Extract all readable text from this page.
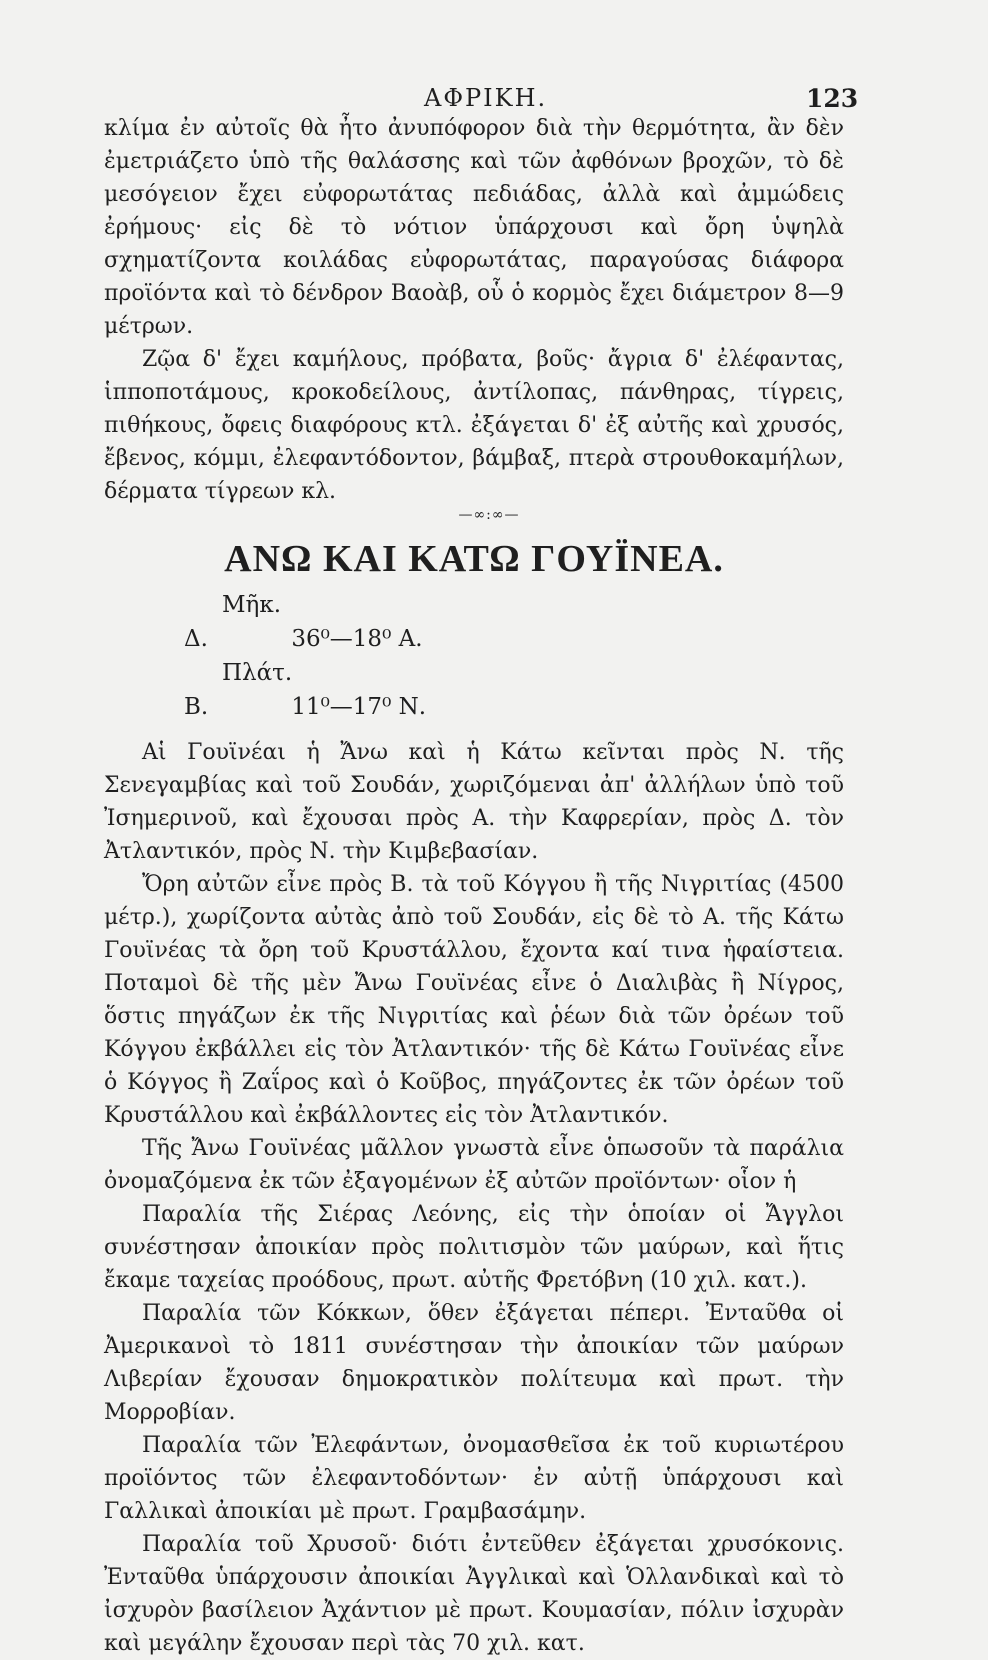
ΑΦΡΙΚΗ.	123

κλίμα ἐν αὐτοῖς θὰ ἦτο ἀνυπόφορον διὰ τὴν θερμότητα, ἂν δὲν ἐμετριάζετο ὑπὸ τῆς θαλάσσης καὶ τῶν ἀφθόνων βροχῶν, τὸ δὲ μεσόγειον ἔχει εὐφορωτάτας πεδιάδας, ἀλλὰ καὶ ἀμμώδεις ἐρήμους· εἰς δὲ τὸ νότιον ὑπάρχουσι καὶ ὄρη ὑψηλὰ σχηματίζοντα κοιλάδας εὐφορωτάτας, παραγούσας διάφορα προϊόντα καὶ τὸ δένδρον Βαοὰβ, οὗ ὁ κορμὸς ἔχει διάμετρον 8—9 μέτρων.

Ζῷα δ' ἔχει καμήλους, πρόβατα, βοῦς· ἄγρια δ' ἐλέφαντας, ἱπποποτάμους, κροκοδείλους, ἀντίλοπας, πάνθηρας, τίγρεις, πιθήκους, ὄφεις διαφόρους κτλ. ἐξάγεται δ' ἐξ αὐτῆς καὶ χρυσός, ἔβενος, κόμμι, ἐλεφαντόδοντον, βάμβαξ, πτερὰ στρουθοκαμήλων, δέρματα τίγρεων κλ.

—∞:∞—
ΑΝΩ ΚΑΙ ΚΑΤΩ ΓΟΥΪΝΕΑ.

Μῆκ. Δ.	36⁰—18⁰ Α.

Πλάτ. Β.	11⁰—17⁰ Ν.

Αἱ Γουϊνέαι ἡ Ἄνω καὶ ἡ Κάτω κεῖνται πρὸς Ν. τῆς Σενεγαμβίας καὶ τοῦ Σουδάν, χωριζόμεναι ἀπ' ἀλλήλων ὑπὸ τοῦ Ἰσημερινοῦ, καὶ ἔχουσαι πρὸς Α. τὴν Καφρερίαν, πρὸς Δ. τὸν Ἀτλαντικόν, πρὸς Ν. τὴν Κιμβεβασίαν.

Ὄρη αὐτῶν εἶνε πρὸς Β. τὰ τοῦ Κόγγου ἢ τῆς Νιγριτίας (4500 μέτρ.), χωρίζοντα αὐτὰς ἀπὸ τοῦ Σουδάν, εἰς δὲ τὸ Α. τῆς Κάτω Γουϊνέας τὰ ὄρη τοῦ Κρυστάλλου, ἔχοντα καί τινα ἡφαίστεια. Ποταμοὶ δὲ τῆς μὲν Ἄνω Γουϊνέας εἶνε ὁ Διαλιβὰς ἢ Νίγρος, ὅστις πηγάζων ἐκ τῆς Νιγριτίας καὶ ῥέων διὰ τῶν ὀρέων τοῦ Κόγγου ἐκβάλλει εἰς τὸν Ἀτλαντικόν· τῆς δὲ Κάτω Γουϊνέας εἶνε ὁ Κόγγος ἢ Ζαΐρος καὶ ὁ Κοῦβος, πηγάζοντες ἐκ τῶν ὀρέων τοῦ Κρυστάλλου καὶ ἐκβάλλοντες εἰς τὸν Ἀτλαντικόν.

Τῆς Ἄνω Γουϊνέας μᾶλλον γνωστὰ εἶνε ὁπωσοῦν τὰ παράλια ὀνομαζόμενα ἐκ τῶν ἐξαγομένων ἐξ αὐτῶν προϊόντων· οἷον ἡ

Παραλία τῆς Σιέρας Λεόνης, εἰς τὴν ὁποίαν οἱ Ἄγγλοι συνέστησαν ἀποικίαν πρὸς πολιτισμὸν τῶν μαύρων, καὶ ἥτις ἔκαμε ταχείας προόδους, πρωτ. αὐτῆς Φρετόβνη (10 χιλ. κατ.).

Παραλία τῶν Κόκκων, ὅθεν ἐξάγεται πέπερι. Ἐνταῦθα οἱ Ἀμερικανοὶ τὸ 1811 συνέστησαν τὴν ἀποικίαν τῶν μαύρων Λιβερίαν ἔχουσαν δημοκρατικὸν πολίτευμα καὶ πρωτ. τὴν Μορροβίαν.

Παραλία τῶν Ἐλεφάντων, ὀνομασθεῖσα ἐκ τοῦ κυριωτέρου προϊόντος τῶν ἐλεφαντοδόντων· ἐν αὐτῇ ὑπάρχουσι καὶ Γαλλικαὶ ἀποικίαι μὲ πρωτ. Γραμβασάμην.

Παραλία τοῦ Χρυσοῦ· διότι ἐντεῦθεν ἐξάγεται χρυσόκονις. Ἐνταῦθα ὑπάρχουσιν ἀποικίαι Ἀγγλικαὶ καὶ Ὁλλανδικαὶ καὶ τὸ ἰσχυρὸν βασίλειον Ἀχάντιον μὲ πρωτ. Κουμασίαν, πόλιν ἰσχυρὰν καὶ μεγάλην ἔχουσαν περὶ τὰς 70 χιλ. κατ.
